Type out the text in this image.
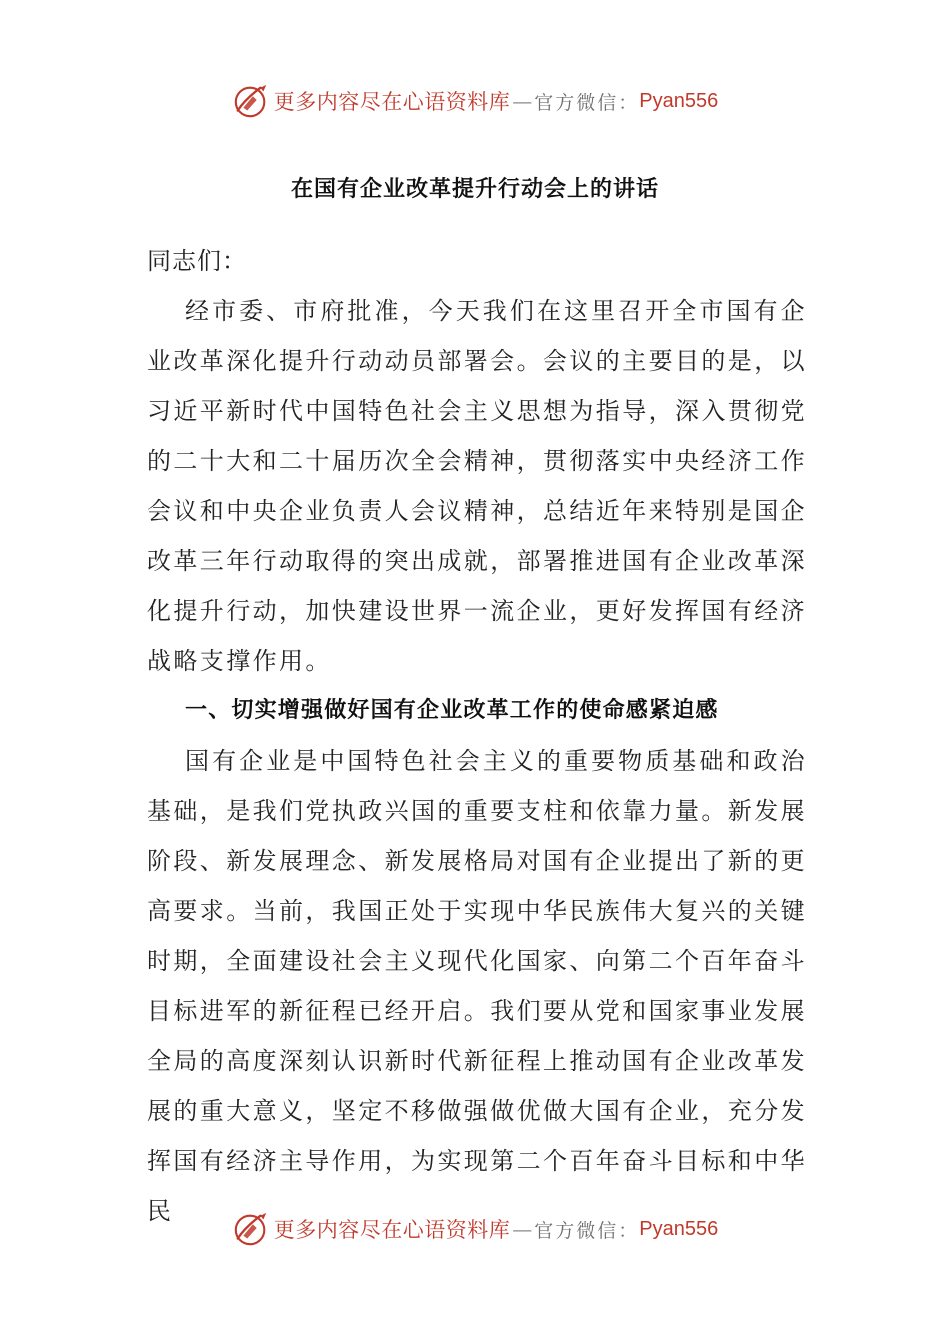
更多内容尽在心语资料库 — 官方微信： Pyan556
在国有企业改革提升行动会上的讲话

同志们：

经市委、市府批准，今天我们在这里召开全市国有企业改革深化提升行动动员部署会。会议的主要目的是，以习近平新时代中国特色社会主义思想为指导，深入贯彻党的二十大和二十届历次全会精神，贯彻落实中央经济工作会议和中央企业负责人会议精神，总结近年来特别是国企改革三年行动取得的突出成就，部署推进国有企业改革深化提升行动，加快建设世界一流企业，更好发挥国有经济战略支撑作用。

一、切实增强做好国有企业改革工作的使命感紧迫感

国有企业是中国特色社会主义的重要物质基础和政治基础，是我们党执政兴国的重要支柱和依靠力量。新发展阶段、新发展理念、新发展格局对国有企业提出了新的更高要求。当前，我国正处于实现中华民族伟大复兴的关键时期，全面建设社会主义现代化国家、向第二个百年奋斗目标进军的新征程已经开启。我们要从党和国家事业发展全局的高度深刻认识新时代新征程上推动国有企业改革发展的重大意义，坚定不移做强做优做大国有企业，充分发挥国有经济主导作用，为实现第二个百年奋斗目标和中华民

更多内容尽在心语资料库 — 官方微信： Pyan556
